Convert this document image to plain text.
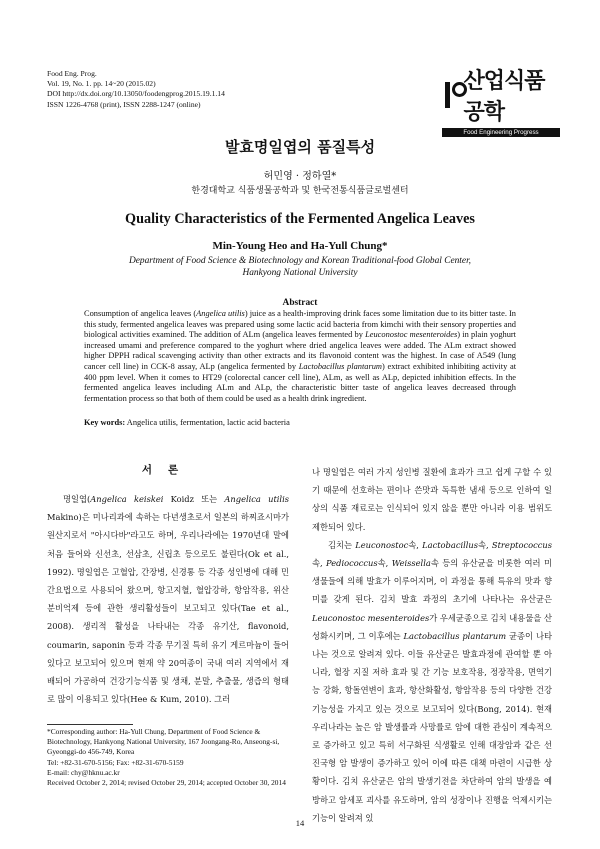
Food Eng. Prog.
Vol. 19, No. 1. pp. 14~20 (2015.02)
DOI http://dx.doi.org/10.13050/foodengprog.2015.19.1.14
ISSN 1226-4768 (print), ISSN 2288-1247 (online)
산업식품공학
Food Engineering Progress
발효명일엽의 품질특성
허민영 · 정하열*
한경대학교 식품생물공학과 및 한국전통식품글로벌센터
Quality Characteristics of the Fermented Angelica Leaves
Min-Young Heo and Ha-Yull Chung*
Department of Food Science & Biotechnology and Korean Traditional-food Global Center,
Hankyong National University
Abstract

Consumption of angelica leaves (Angelica utilis) juice as a health-improving drink faces some limitation due to its bitter taste. In this study, fermented angelica leaves was prepared using some lactic acid bacteria from kimchi with their sensory properties and biological activities examined. The addition of ALm (angelica leaves fermented by Leuconostoc mesenteroides) in plain yoghurt increased umami and preference compared to the yoghurt where dried angelica leaves were added. The ALm extract showed higher DPPH radical scavenging activity than other extracts and its flavonoid content was the highest. In case of A549 (lung cancer cell line) in CCK-8 assay, ALp (angelica fermented by Lactobacillus plantarum) extract exhibited inhibiting activity at 400 ppm level. When it comes to HT29 (colorectal cancer cell line), ALm, as well as ALp, depicted inhibition effects. In the fermented angelica leaves including ALm and ALp, the characteristic bitter taste of angelica leaves decreased through fermentation process so that both of them could be used as a health drink ingredient.

Key words: Angelica utilis, fermentation, lactic acid bacteria
서론

명일엽(Angelica keiskei Koidz 또는 Angelica utilis Makino)은 미나리과에 속하는 다년생초로서 일본의 하찌죠시마가 원산지로서 "아시다바"라고도 하며, 우리나라에는 1970년대 말에 처음 들어와 신선초, 선삼초, 신립초 등으로도 불린다(Ok et al., 1992). 명일엽은 고혈압, 간장병, 신경통 등 각종 성인병에 대해 민간요법으로 사용되어 왔으며, 항고지혈, 혈압강하, 항암작용, 위산분비억제 등에 관한 생리활성들이 보고되고 있다(Tae et al., 2008). 생리적 활성을 나타내는 각종 유기산, flavonoid, coumarin, saponin 등과 각종 무기질 특히 유기 게르마늄이 들어 있다고 보고되어 있으며 현재 약 20여종이 국내 여러 지역에서 재배되어 가공하여 건강기능식품 및 생채, 분말, 추출물, 생즙의 형태로 많이 이용되고 있다(Hee & Kum, 2010). 그러

나 명일엽은 여러 가지 성인병 질환에 효과가 크고 쉽게 구할 수 있기 때문에 선호하는 편이나 쓴맛과 독특한 냄새 등으로 인하여 일상의 식품 재료로는 인식되어 있지 않을 뿐만 아니라 이용 범위도 제한되어 있다.

김치는 Leuconostoc속, Lactobacillus속, Streptococcus속, Pediococcus속, Weissella속 등의 유산균을 비롯한 여러 미생물들에 의해 발효가 이루어지며, 이 과정을 통해 특유의 맛과 향미를 갖게 된다. 김치 발효 과정의 초기에 나타나는 유산균은 Leuconostoc mesenteroides가 우세균종으로 김치 내용물을 산성화시키며, 그 이후에는 Lactobacillus plantarum 균종이 나타나는 것으로 알려져 있다. 이들 유산균은 발효과정에 관여할 뿐 아니라, 혈장 지질 저하 효과 및 간 기능 보호작용, 정장작용, 면역기능 강화, 항돌연변이 효과, 항산화활성, 항암작용 등의 다양한 건강 기능성을 가지고 있는 것으로 보고되어 있다(Bong, 2014). 현재 우리나라는 높은 암 발생률과 사망률로 암에 대한 관심이 계속적으로 증가하고 있고 특히 서구화된 식생활로 인해 대장암과 같은 선진국형 암 발생이 증가하고 있어 이에 따른 대책 마련이 시급한 상황이다. 김치 유산균은 암의 발생기전을 차단하여 암의 발생을 예방하고 암세포 괴사를 유도하며, 암의 성장이나 진행을 억제시키는 기능이 알려져 있

*Corresponding author: Ha-Yull Chung, Department of Food Science & Biotechnology, Hankyong National University, 167 Joongang-Ro, Anseong-si, Gyeonggi-do 456-749, Korea
Tel: +82-31-670-5156; Fax: +82-31-670-5159
E-mail: chy@hknu.ac.kr
Received October 2, 2014; revised October 29, 2014; accepted October 30, 2014
14
